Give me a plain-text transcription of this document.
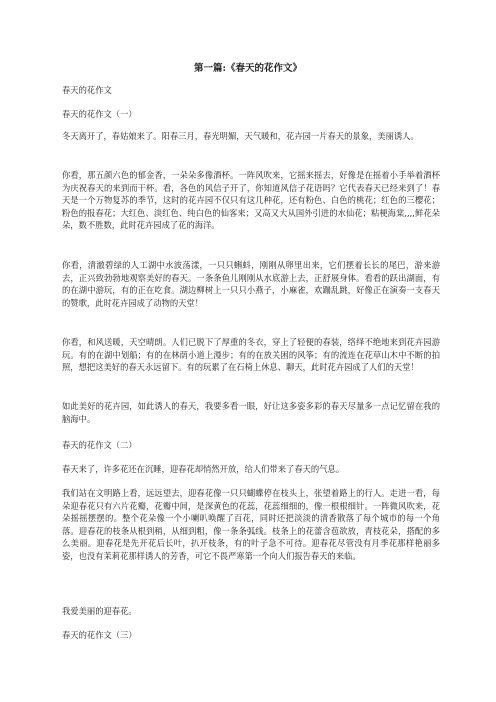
第一篇:《春天的花作文》

春天的花作文

春天的花作文（一）

冬天离开了，春姑娘来了。阳春三月，春光明媚，天气暖和，花卉园一片春天的景象，美丽诱人。

你看，那五颜六色的郁金香，一朵朵多像酒杯。一阵风吹来，它摇来摇去，好像是在摇着小手举着酒杯为庆祝春天的来到而干杯。看，各色的风信子开了，你知道风信子花语吗？它代表春天已经来到了！春天是一个万物复苏的季节，这时的花卉园不仅只有这几种花，还有粉色、白色的桃花；红色的三樱花；粉色的报春花；大红色、淡红色、纯白色的仙客来；又高又大从国外引进的水仙花；粘梗海棠,,,,鲜花朵朵，数不胜数，此时花卉园成了花的海洋。

你看，清澈碧绿的人工湖中水波荡漾，一只只蝌蚪，刚刚从卵里出来，它们摆着长长的尾巴，游来游去，正兴致勃勃地观察美好的春天。一条条鱼儿刚刚从水底游上去，正舒展身体。看看的跃出湖面，有的在湖中游玩，有的正在吃食。湖边柳树上一只只小燕子，小麻雀，欢蹦乱跳，好像正在演奏一支春天的赞歌，此时花卉园成了动物的天堂！

你看，和风送暖，天空晴朗。人们已脱下了厚重的冬衣，穿上了轻便的春装，络绎不绝地来到花卉园游玩。有的在湖中划船；有的在林荫小道上漫步；有的在放关困的风筝；有的流连在花草山木中不断的拍照，想把这美好的春天永远留下。有的玩累了在石椅上休息、聊天，此时花卉园成了人们的天堂！

如此美好的花卉园，如此诱人的春天，我要多看一眼，好让这多姿多彩的春天尽量多一点记忆留在我的脑海中。

春天的花作文（二）

春天来了，许多花还在沉睡，迎春花却悄然开放，给人们带来了春天的气息。

我们站在文明路上看，远远望去，迎春花像一只只蝴蝶停在枝头上，张望着路上的行人。走进一看，每朵迎春花只有六片花瓣，花瓣中间，是深黄色的花蕊，花蕊细细的，像一根根细针。一阵微风吹来，花朵摇摇摆摆的。整个花朵像一个小喇叭唤醒了百花，同时还把淡淡的清香散落了每个城市的每一个角落。迎春花的枝条从根到稍，从细到粗，像一条条弧线。枝条上的花蕾含苞欲放，青枝花朵，搭配的多么美丽。迎春花是先开花后长叶，扒开枝条，有的叶子急不可待。迎春花尽管没有月季花那样艳丽多姿，也没有茉莉花那样诱人的芳香，可它不畏严寒第一个向人们报告春天的来临。

我爱美丽的迎春花。

春天的花作文（三）
